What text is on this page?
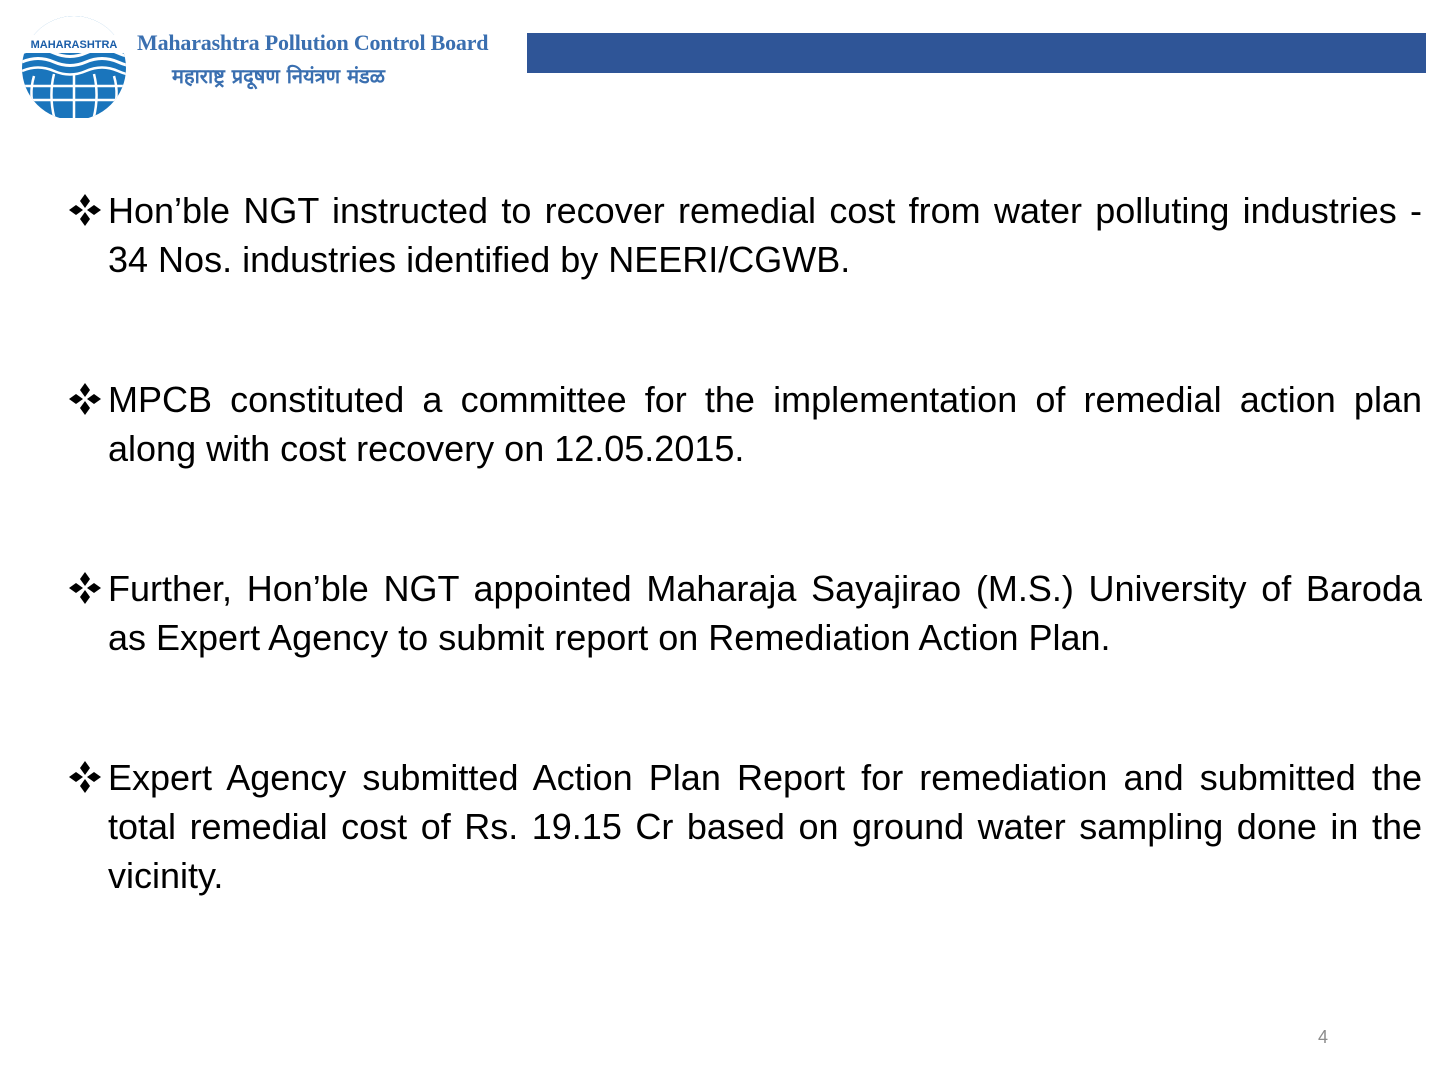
MAHARASHTRA Maharashtra Pollution Control Board
महाराष्ट्र प्रदूषण नियंत्रण मंडळ
Hon’ble NGT instructed to recover remedial cost from water polluting industries - 34 Nos. industries identified by NEERI/CGWB.
MPCB constituted a committee for the implementation of remedial action plan along with cost recovery on 12.05.2015.
Further, Hon’ble NGT appointed Maharaja Sayajirao (M.S.) University of Baroda as Expert Agency to submit report on Remediation Action Plan.
Expert Agency submitted Action Plan Report for remediation and submitted the total remedial cost of Rs. 19.15 Cr based on ground water sampling done in the vicinity.
4
